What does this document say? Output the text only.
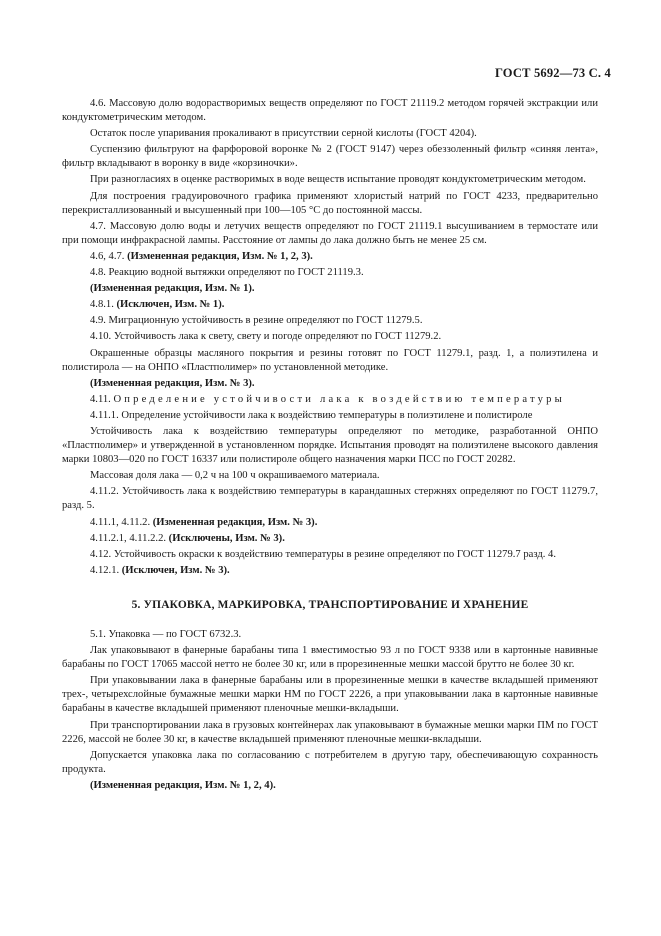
ГОСТ 5692—73 С. 4

4.6. Массовую долю водорастворимых веществ определяют по ГОСТ 21119.2 методом горячей экстракции или кондуктометрическим методом.

Остаток после упаривания прокаливают в присутствии серной кислоты (ГОСТ 4204).

Суспензию фильтруют на фарфоровой воронке № 2 (ГОСТ 9147) через обеззоленный фильтр «синяя лента», фильтр вкладывают в воронку в виде «корзиночки».

При разногласиях в оценке растворимых в воде веществ испытание проводят кондуктометрическим методом.

Для построения градуировочного графика применяют хлористый натрий по ГОСТ 4233, предварительно перекристаллизованный и высушенный при 100—105 °С до постоянной массы.

4.7. Массовую долю воды и летучих веществ определяют по ГОСТ 21119.1 высушиванием в термостате или при помощи инфракрасной лампы. Расстояние от лампы до лака должно быть не менее 25 см.

4.6, 4.7. (Измененная редакция, Изм. № 1, 2, 3).

4.8. Реакцию водной вытяжки определяют по ГОСТ 21119.3.

(Измененная редакция, Изм. № 1).

4.8.1. (Исключен, Изм. № 1).

4.9. Миграционную устойчивость в резине определяют по ГОСТ 11279.5.

4.10. Устойчивость лака к свету, свету и погоде определяют по ГОСТ 11279.2.

Окрашенные образцы масляного покрытия и резины готовят по ГОСТ 11279.1, разд. 1, а полиэтилена и полистирола — на ОНПО «Пластполимер» по установленной методике.

(Измененная редакция, Изм. № 3).

4.11. Определение устойчивости лака к воздействию температуры

4.11.1. Определение устойчивости лака к воздействию температуры в полиэтилене и полистироле

Устойчивость лака к воздействию температуры определяют по методике, разработанной ОНПО «Пластполимер» и утвержденной в установленном порядке. Испытания проводят на полиэтилене высокого давления марки 10803—020 по ГОСТ 16337 или полистироле общего назначения марки ПСС по ГОСТ 20282.

Массовая доля лака — 0,2 ч на 100 ч окрашиваемого материала.

4.11.2. Устойчивость лака к воздействию температуры в карандашных стержнях определяют по ГОСТ 11279.7, разд. 5.

4.11.1, 4.11.2. (Измененная редакция, Изм. № 3).

4.11.2.1, 4.11.2.2. (Исключены, Изм. № 3).

4.12. Устойчивость окраски к воздействию температуры в резине определяют по ГОСТ 11279.7 разд. 4.

4.12.1. (Исключен, Изм. № 3).

5. УПАКОВКА, МАРКИРОВКА, ТРАНСПОРТИРОВАНИЕ И ХРАНЕНИЕ

5.1. Упаковка — по ГОСТ 6732.3.

Лак упаковывают в фанерные барабаны типа 1 вместимостью 93 л по ГОСТ 9338 или в картонные навивные барабаны по ГОСТ 17065 массой нетто не более 30 кг, или в прорезиненные мешки массой брутто не более 30 кг.

При упаковывании лака в фанерные барабаны или в прорезиненные мешки в качестве вкладышей применяют трех-, четырехслойные бумажные мешки марки НМ по ГОСТ 2226, а при упаковывании лака в картонные навивные барабаны в качестве вкладышей применяют пленочные мешки-вкладыши.

При транспортировании лака в грузовых контейнерах лак упаковывают в бумажные мешки марки ПМ по ГОСТ 2226, массой не более 30 кг, в качестве вкладышей применяют пленочные мешки-вкладыши.

Допускается упаковка лака по согласованию с потребителем в другую тару, обеспечивающую сохранность продукта.

(Измененная редакция, Изм. № 1, 2, 4).
